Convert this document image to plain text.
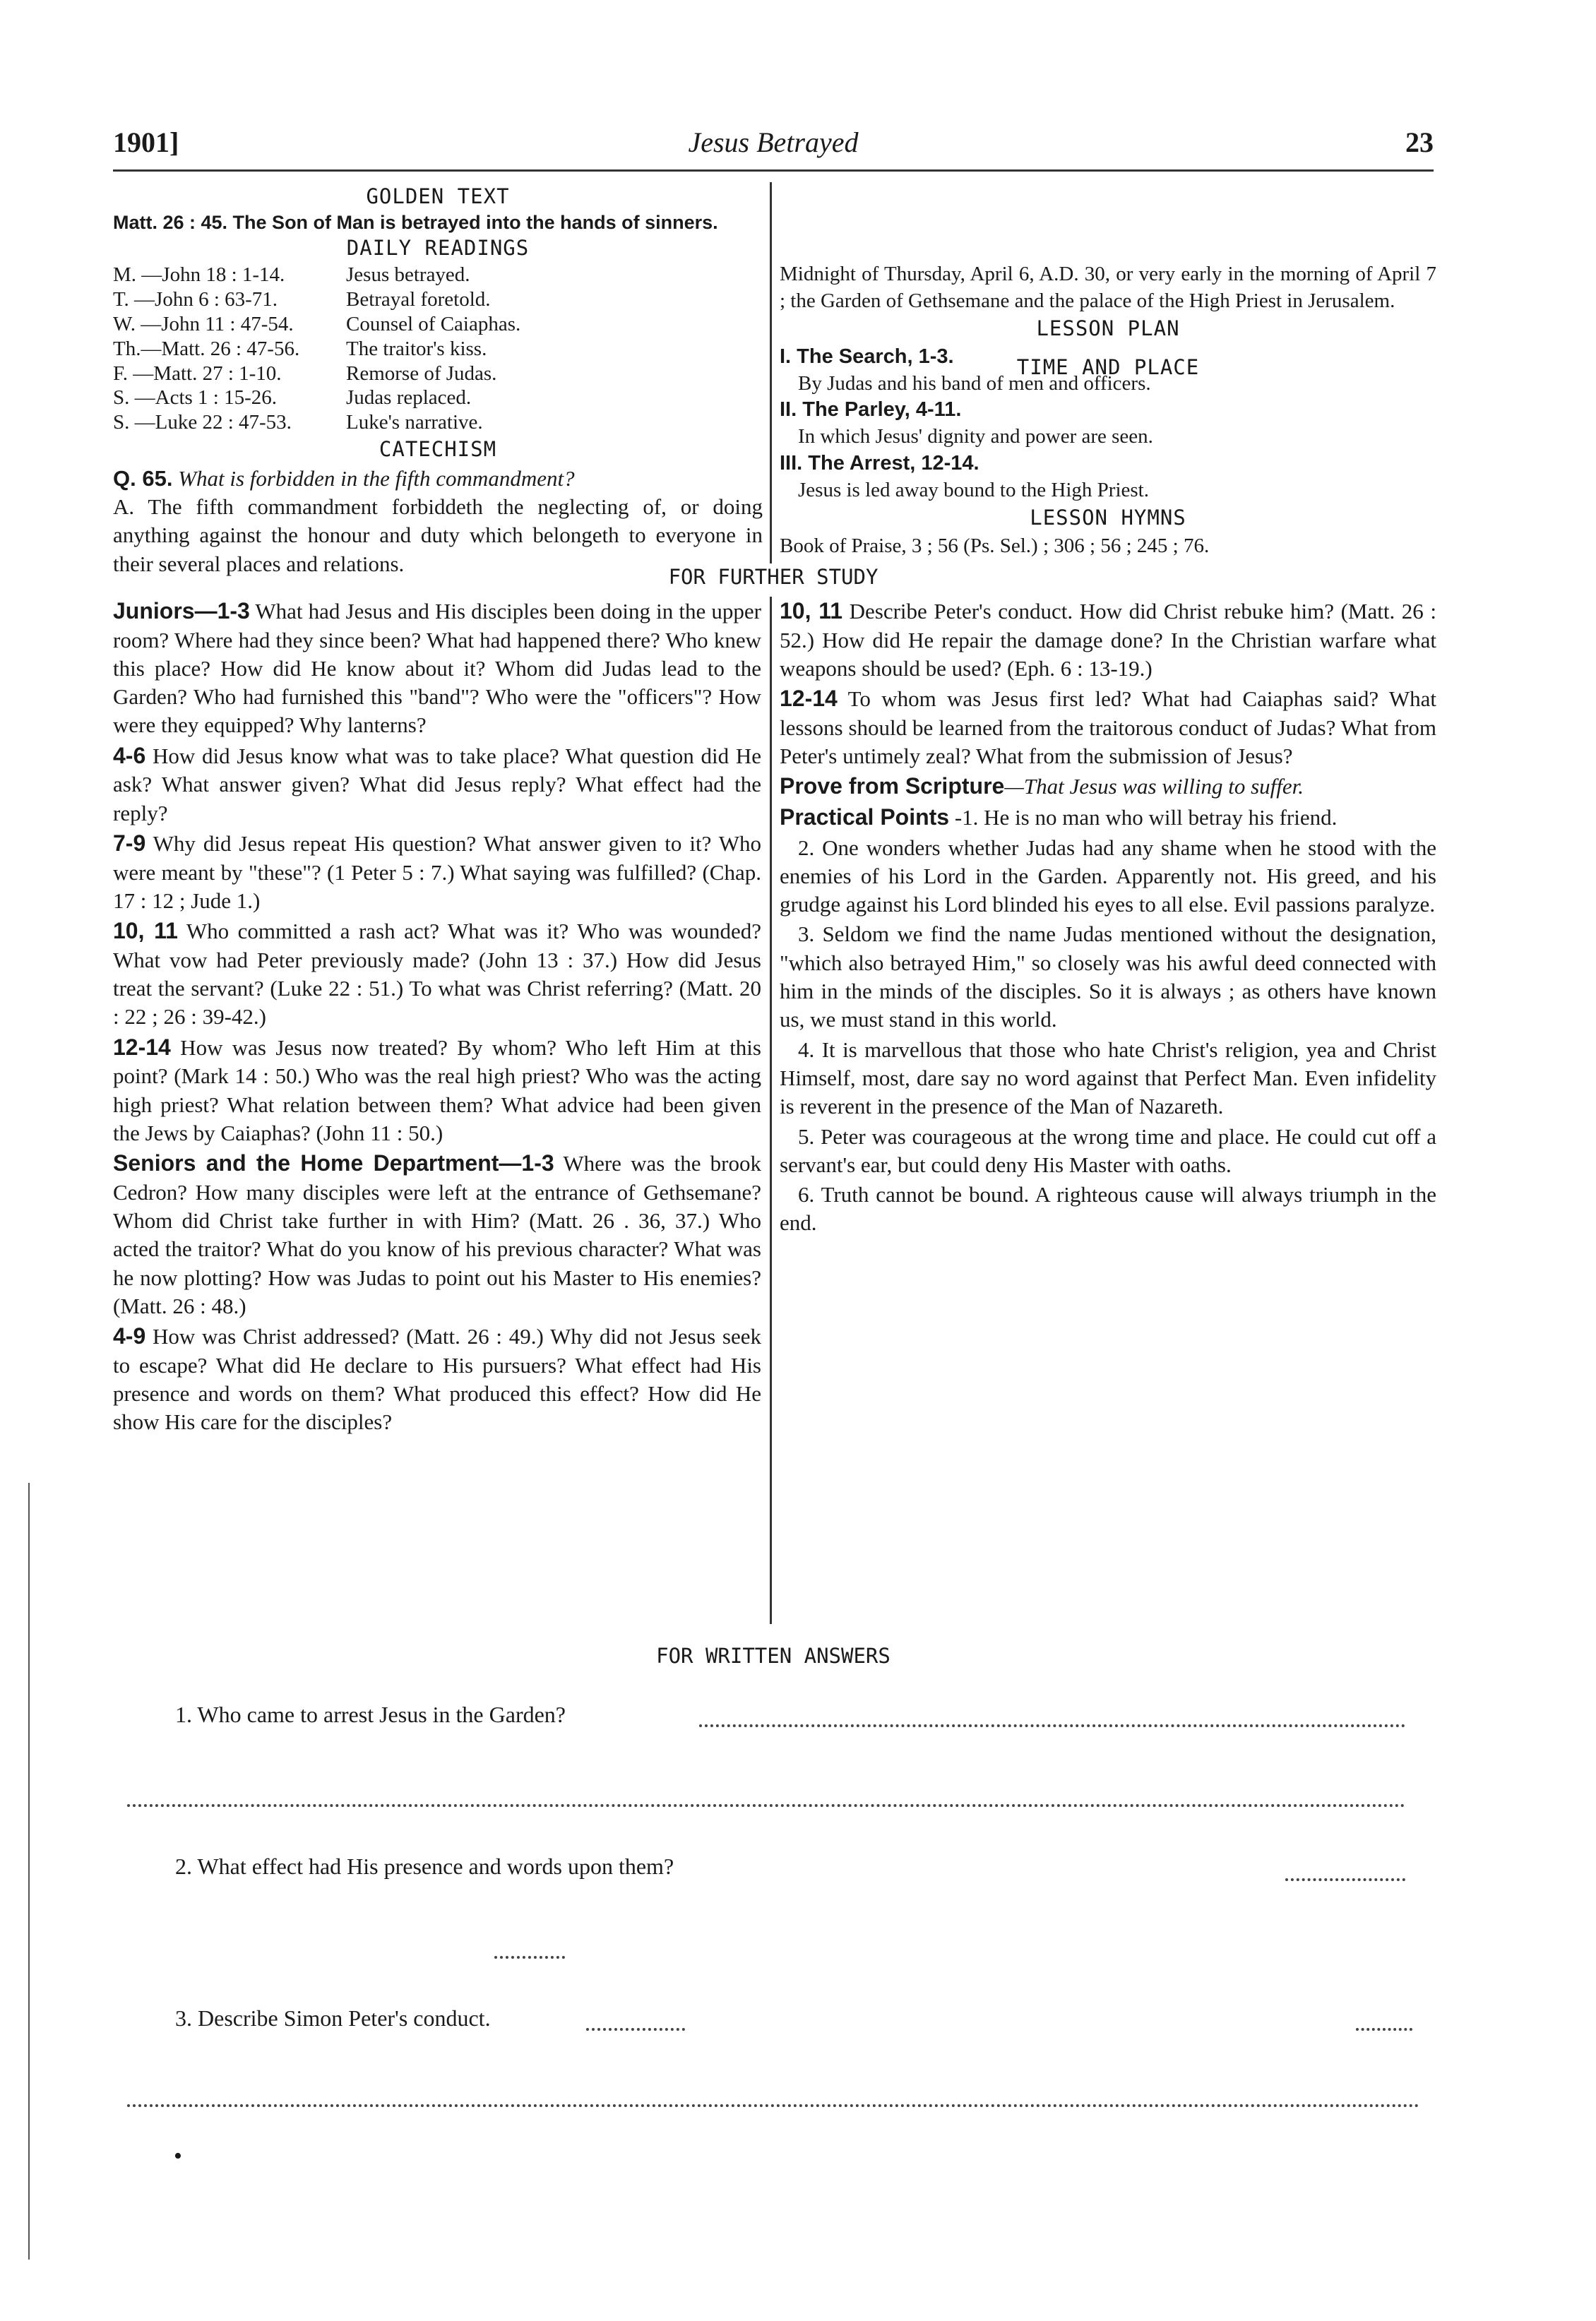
1901]	Jesus Betrayed	23
GOLDEN TEXT
Matt. 26 : 45. The Son of Man is betrayed into the hands of sinners.
DAILY READINGS
M. —John 18 : 1-14.	Jesus betrayed.
T. —John 6 : 63-71.	Betrayal foretold.
W. —John 11 : 47-54.	Counsel of Caiaphas.
Th.—Matt. 26 : 47-56.	The traitor's kiss.
F. —Matt. 27 : 1-10.	Remorse of Judas.
S. —Acts 1 : 15-26.	Judas replaced.
S. —Luke 22 : 47-53.	Luke's narrative.
CATECHISM
Q. 65. What is forbidden in the fifth commandment?
A. The fifth commandment forbiddeth the neglecting of, or doing anything against the honour and duty which belongeth to everyone in their several places and relations.
TIME AND PLACE
Midnight of Thursday, April 6, A.D. 30, or very early in the morning of April 7 ; the Garden of Gethsemane and the palace of the High Priest in Jerusalem.
LESSON PLAN
I. The Search, 1-3.
By Judas and his band of men and officers.
II. The Parley, 4-11.
In which Jesus' dignity and power are seen.
III. The Arrest, 12-14.
Jesus is led away bound to the High Priest.
LESSON HYMNS
Book of Praise, 3 ; 56 (Ps. Sel.) ; 306 ; 56 ; 245 ; 76.
FOR FURTHER STUDY

Juniors—1-3 What had Jesus and His disciples been doing in the upper room? Where had they since been? What had happened there? Who knew this place? How did He know about it? Whom did Judas lead to the Garden? Who had furnished this "band"? Who were the "officers"? How were they equipped? Why lanterns?

4-6 How did Jesus know what was to take place? What question did He ask? What answer given? What did Jesus reply? What effect had the reply?

7-9 Why did Jesus repeat His question? What answer given to it? Who were meant by "these"? (1 Peter 5 : 7.) What saying was fulfilled? (Chap. 17 : 12 ; Jude 1.)

10, 11 Who committed a rash act? What was it? Who was wounded? What vow had Peter previously made? (John 13 : 37.) How did Jesus treat the servant? (Luke 22 : 51.) To what was Christ referring? (Matt. 20 : 22 ; 26 : 39-42.)

12-14 How was Jesus now treated? By whom? Who left Him at this point? (Mark 14 : 50.) Who was the real high priest? Who was the acting high priest? What relation between them? What advice had been given the Jews by Caiaphas? (John 11 : 50.)

Seniors and the Home Department—1-3 Where was the brook Cedron? How many disciples were left at the entrance of Gethsemane? Whom did Christ take further in with Him? (Matt. 26 . 36, 37.) Who acted the traitor? What do you know of his previous character? What was he now plotting? How was Judas to point out his Master to His enemies? (Matt. 26 : 48.)

4-9 How was Christ addressed? (Matt. 26 : 49.) Why did not Jesus seek to escape? What did He declare to His pursuers? What effect had His presence and words on them? What produced this effect? How did He show His care for the disciples?

10, 11 Describe Peter's conduct. How did Christ rebuke him? (Matt. 26 : 52.) How did He repair the damage done? In the Christian warfare what weapons should be used? (Eph. 6 : 13-19.)

12-14 To whom was Jesus first led? What had Caiaphas said? What lessons should be learned from the traitorous conduct of Judas? What from Peter's untimely zeal? What from the submission of Jesus?

Prove from Scripture—That Jesus was willing to suffer.

Practical Points -1. He is no man who will betray his friend.

2. One wonders whether Judas had any shame when he stood with the enemies of his Lord in the Garden. Apparently not. His greed, and his grudge against his Lord blinded his eyes to all else. Evil passions paralyze.

3. Seldom we find the name Judas mentioned without the designation, "which also betrayed Him," so closely was his awful deed connected with him in the minds of the disciples. So it is always ; as others have known us, we must stand in this world.

4. It is marvellous that those who hate Christ's religion, yea and Christ Himself, most, dare say no word against that Perfect Man. Even infidelity is reverent in the presence of the Man of Nazareth.

5. Peter was courageous at the wrong time and place. He could cut off a servant's ear, but could deny His Master with oaths.

6. Truth cannot be bound. A righteous cause will always triumph in the end.

FOR WRITTEN ANSWERS
1. Who came to arrest Jesus in the Garden?
2. What effect had His presence and words upon them?
3. Describe Simon Peter's conduct.
•
